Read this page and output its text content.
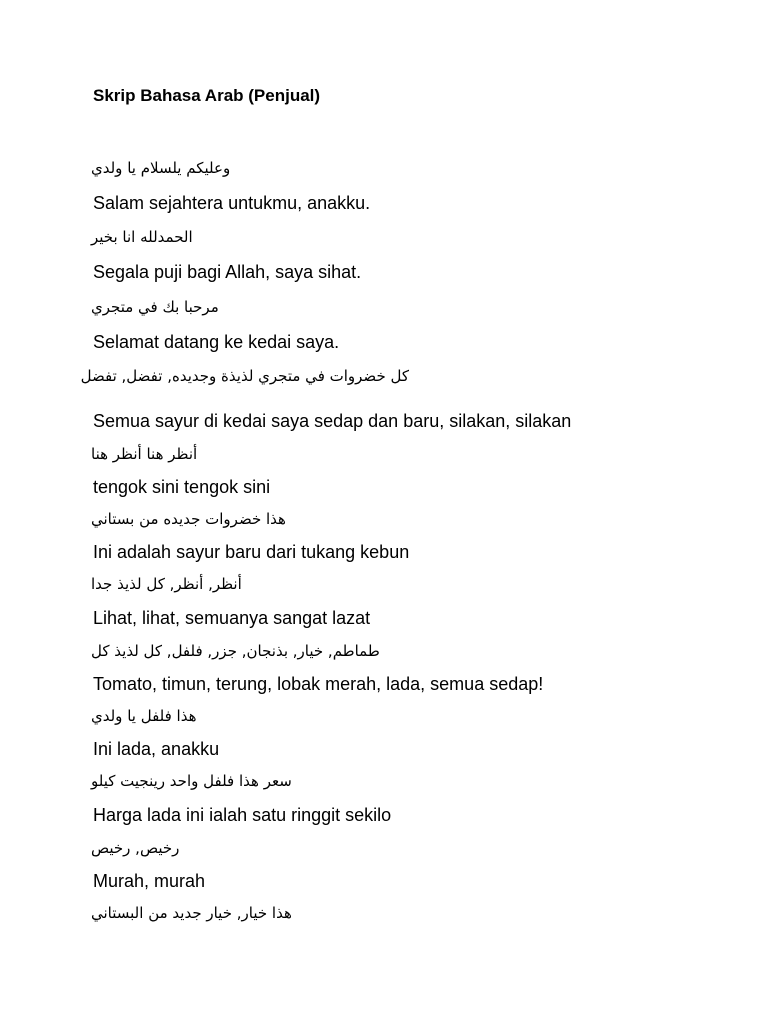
Skrip Bahasa Arab (Penjual)
وعليكم يلسلام يا ولدي
Salam sejahtera untukmu, anakku.
الحمدلله انا بخير
Segala puji bagi Allah, saya sihat.
مرحبا بك في متجري
Selamat datang ke kedai saya.
كل خضروات في متجري لذيذة وجديده, تفضل, تفضل
Semua sayur di kedai saya sedap dan baru, silakan, silakan
أنظر هنا أنظر هنا
tengok sini tengok sini
هذا خضروات جديده من بستاني
Ini adalah sayur baru dari tukang kebun
أنظر, أنظر, كل لذيذ جدا
Lihat, lihat, semuanya sangat lazat
طماطم, خيار, بذنجان, جزر, فلفل, كل لذيذ كل
Tomato, timun, terung, lobak merah, lada, semua sedap!
هذا فلفل يا ولدي
Ini lada, anakku
سعر هذا فلفل واحد رينجيت كيلو
Harga lada ini ialah satu ringgit sekilo
رخيص, رخيص
Murah, murah
هذا خيار, خيار جديد من البستاني
